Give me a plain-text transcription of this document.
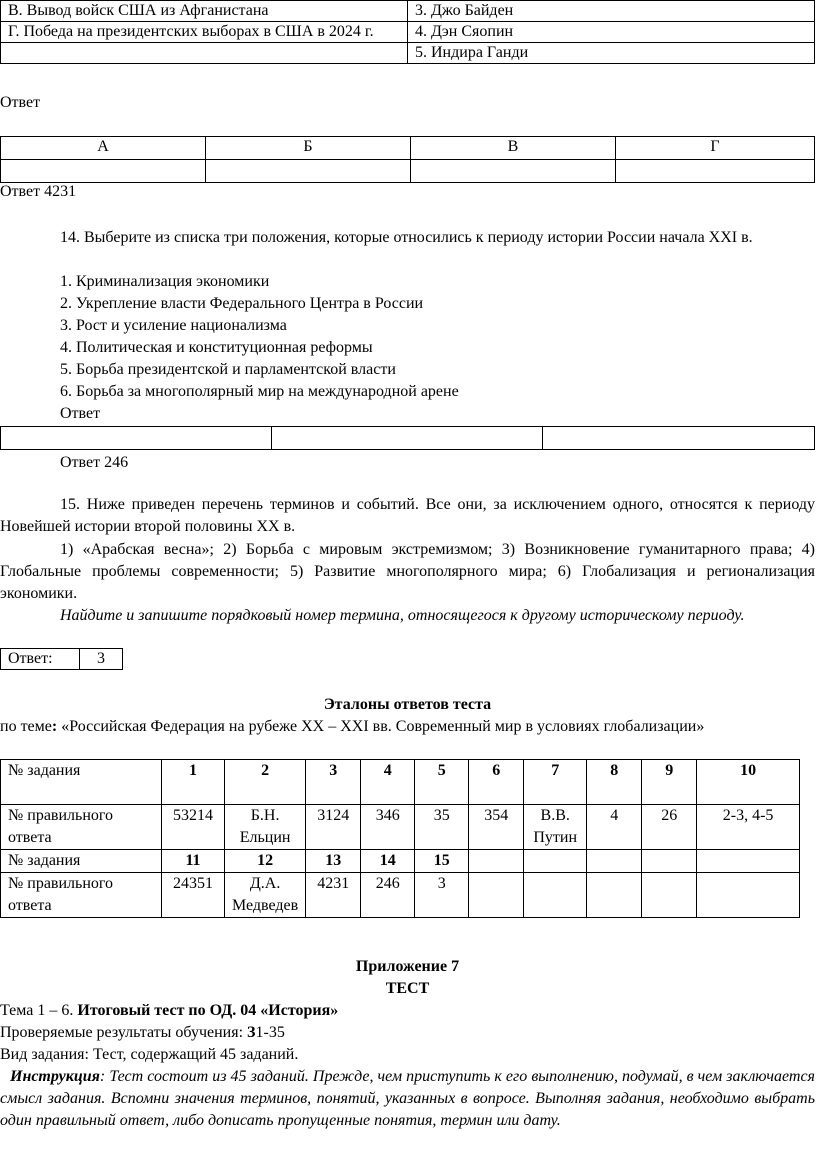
В. Вывод войск США из Афганистана	3. Джо Байден
Г. Победа на президентских выборах в США в 2024 г.	4. Дэн Сяопин
	5. Индира Ганди
Ответ
А	Б	В	Г

Ответ 4231
14. Выберите из списка три положения, которые относились к периоду истории России начала XXI в.
1. Криминализация экономики
2. Укрепление власти Федерального Центра в России
3. Рост и усиление национализма
4. Политическая и конституционная реформы
5. Борьба президентской и парламентской власти
6. Борьба за многополярный мир на международной арене
Ответ

Ответ 246
15. Ниже приведен перечень терминов и событий. Все они, за исключением одного, относятся к периоду Новейшей истории второй половины XX в.
1) «Арабская весна»; 2) Борьба с мировым экстремизмом; 3) Возникновение гуманитарного права; 4) Глобальные проблемы современности; 5) Развитие многополярного мира; 6) Глобализация и регионализация экономики.
Найдите и запишите порядковый номер термина, относящегося к другому историческому периоду.
Ответ:	3
Эталоны ответов теста
по теме: «Российская Федерация на рубеже XX – XXI вв. Современный мир в условиях глобализации»
№ задания	1	2	3	4	5	6	7	8	9	10
№ правильного ответа	53214	Б.Н. Ельцин	3124	346	35	354	В.В. Путин	4	26	2-3, 4-5
№ задания	11	12	13	14	15					
№ правильного ответа	24351	Д.А. Медведев	4231	246	3					
Приложение 7
ТЕСТ
Тема 1 – 6. Итоговый тест по ОД. 04 «История»
Проверяемые результаты обучения: З1-35
Вид задания: Тест, содержащий 45 заданий.
Инструкция: Тест состоит из 45 заданий. Прежде, чем приступить к его выполнению, подумай, в чем заключается смысл задания. Вспомни значения терминов, понятий, указанных в вопросе. Выполняя задания, необходимо выбрать один правильный ответ, либо дописать пропущенные понятия, термин или дату.
